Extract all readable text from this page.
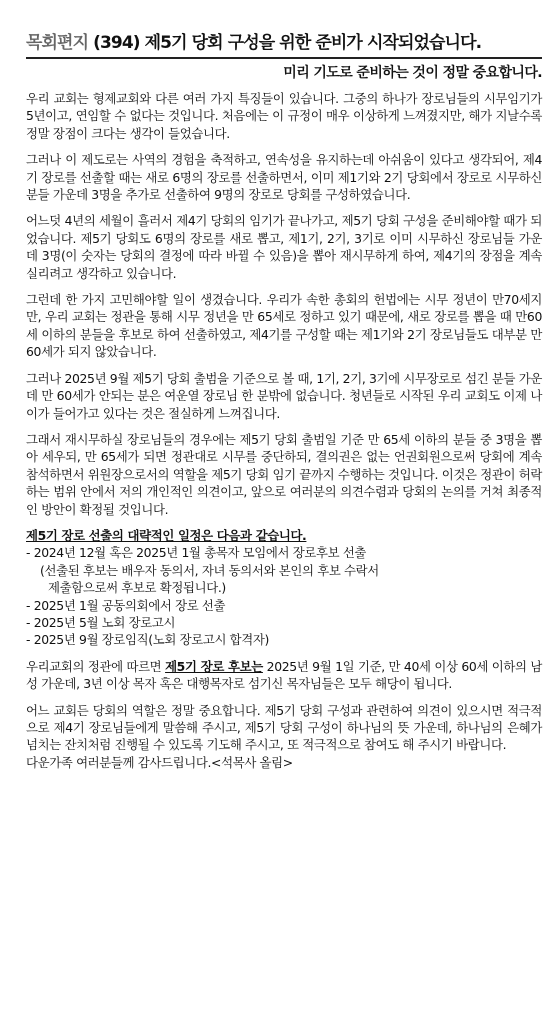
목회편지 (394) 제5기 당회 구성을 위한 준비가 시작되었습니다.
미리 기도로 준비하는 것이 정말 중요합니다.

우리 교회는 형제교회와 다른 여러 가지 특징들이 있습니다. 그중의 하나가 장로님들의 시무임기가 5년이고, 연임할 수 없다는 것입니다. 처음에는 이 규정이 매우 이상하게 느껴졌지만, 해가 지날수록 정말 장점이 크다는 생각이 들었습니다.

그러나 이 제도로는 사역의 경험을 축적하고, 연속성을 유지하는데 아쉬움이 있다고 생각되어, 제4기 장로를 선출할 때는 새로 6명의 장로를 선출하면서, 이미 제1기와 2기 당회에서 장로로 시무하신 분들 가운데 3명을 추가로 선출하여 9명의 장로로 당회를 구성하였습니다.

어느덧 4년의 세월이 흘러서 제4기 당회의 임기가 끝나가고, 제5기 당회 구성을 준비해야할 때가 되었습니다. 제5기 당회도 6명의 장로를 새로 뽑고, 제1기, 2기, 3기로 이미 시무하신 장로님들 가운데 3명(이 숫자는 당회의 결정에 따라 바뀔 수 있음)을 뽑아 재시무하게 하여, 제4기의 장점을 계속 실리려고 생각하고 있습니다.

그런데 한 가지 고민해야할 일이 생겼습니다. 우리가 속한 총회의 헌법에는 시무 정년이 만70세지만, 우리 교회는 정관을 통해 시무 정년을 만 65세로 정하고 있기 때문에, 새로 장로를 뽑을 때 만60세 이하의 분들을 후보로 하여 선출하였고, 제4기를 구성할 때는 제1기와 2기 장로님들도 대부분 만 60세가 되지 않았습니다.

그러나 2025년 9월 제5기 당회 출범을 기준으로 볼 때, 1기, 2기, 3기에 시무장로로 섬긴 분들 가운데 만 60세가 안되는 분은 여운열 장로님 한 분밖에 없습니다. 청년들로 시작된 우리 교회도 이제 나이가 들어가고 있다는 것은 절실하게 느껴집니다.

그래서 재시무하실 장로님들의 경우에는 제5기 당회 출범일 기준 만 65세 이하의 분들 중 3명을 뽑아 세우되, 만 65세가 되면 정관대로 시무를 중단하되, 결의권은 없는 언권회원으로써 당회에 계속 참석하면서 위원장으로서의 역할을 제5기 당회 임기 끝까지 수행하는 것입니다. 이것은 정관이 허락하는 범위 안에서 저의 개인적인 의견이고, 앞으로 여러분의 의견수렴과 당회의 논의를 거쳐 최종적인 방안이 확정될 것입니다.

제5기 장로 선출의 대략적인 일정은 다음과 같습니다.

- 2024년 12월 혹은 2025년 1월 총목자 모임에서 장로후보 선출

(선출된 후보는 배우자 동의서, 자녀 동의서와 본인의 후보 수락서

제출함으로써 후보로 확정됩니다.)

- 2025년 1월 공동의회에서 장로 선출

- 2025년 5월 노회 장로고시

- 2025년 9월 장로임직(노회 장로고시 합격자)

우리교회의 정관에 따르면 제5기 장로 후보는 2025년 9월 1일 기준, 만 40세 이상 60세 이하의 남성 가운데, 3년 이상 목자 혹은 대행목자로 섬기신 목자님들은 모두 해당이 됩니다.

어느 교회든 당회의 역할은 정말 중요합니다. 제5기 당회 구성과 관련하여 의견이 있으시면 적극적으로 제4기 장로님들에게 말씀해 주시고, 제5기 당회 구성이 하나님의 뜻 가운데, 하나님의 은혜가 넘치는 잔치처럼 진행될 수 있도록 기도해 주시고, 또 적극적으로 참여도 해 주시기 바랍니다.
다운가족 여러분들께 감사드립니다.<석목사 올림>
